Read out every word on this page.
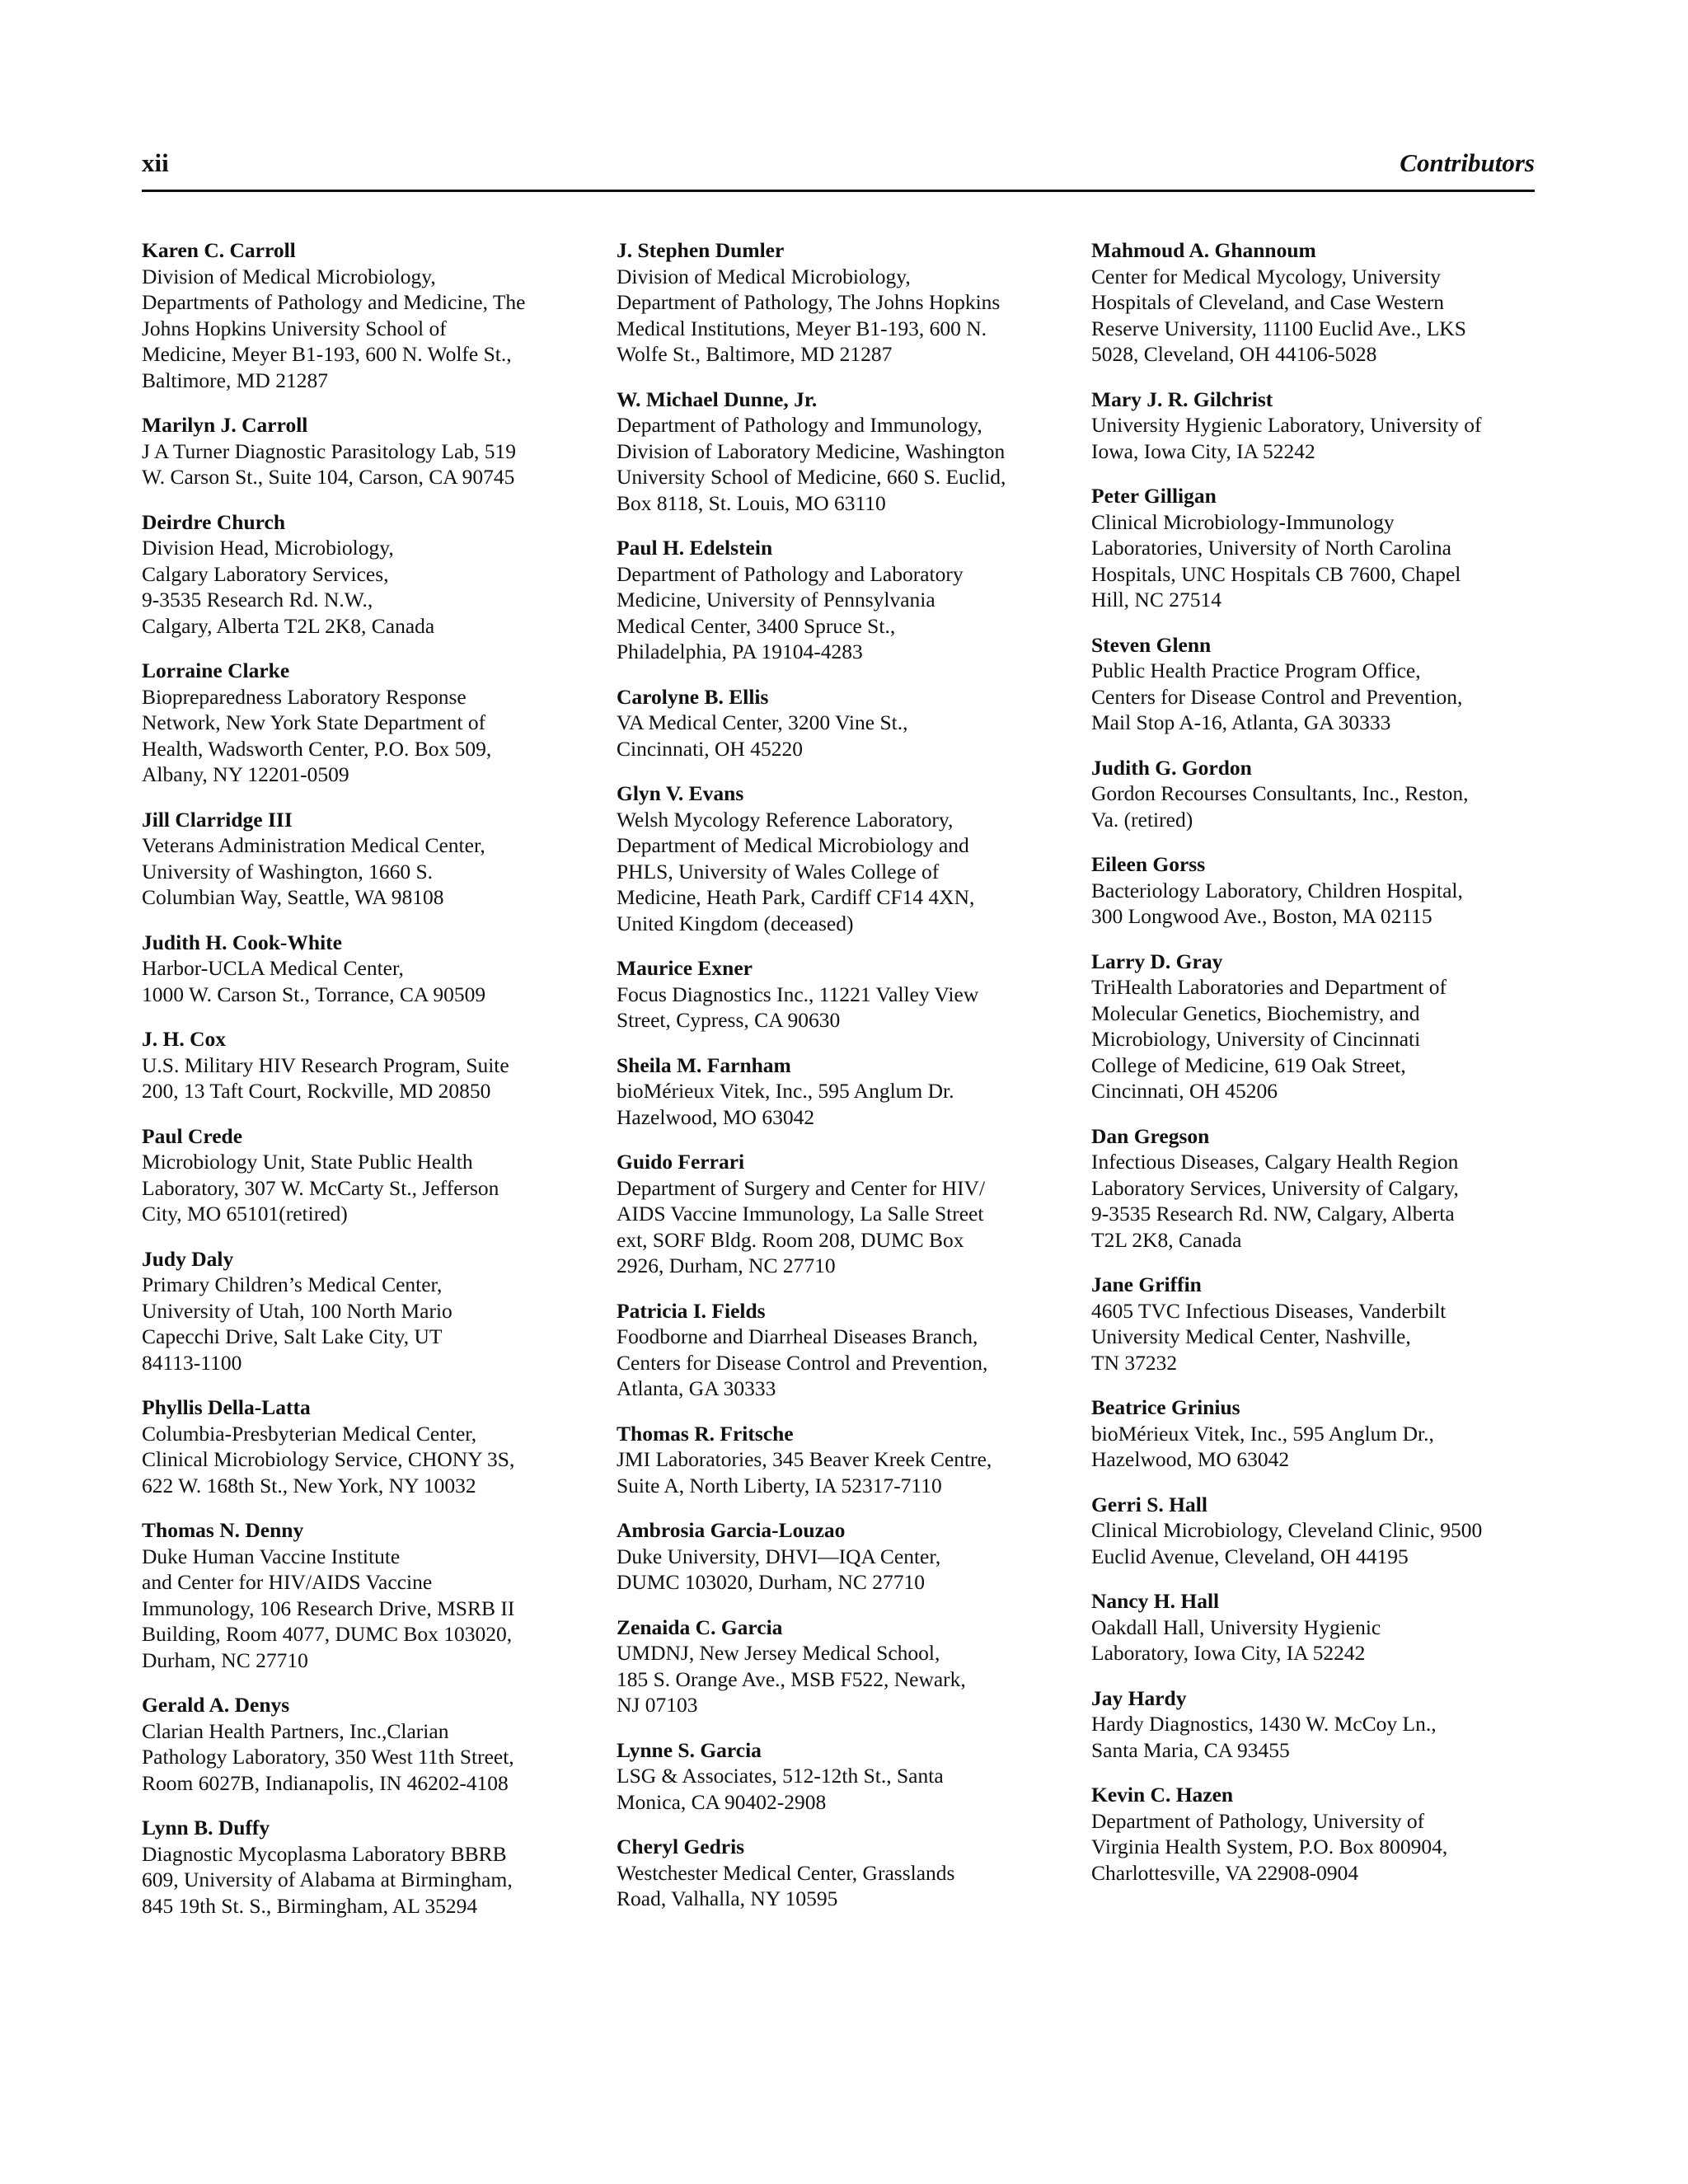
xii	Contributors
Karen C. Carroll
Division of Medical Microbiology,
Departments of Pathology and Medicine, The
Johns Hopkins University School of
Medicine, Meyer B1-193, 600 N. Wolfe St.,
Baltimore, MD 21287
Marilyn J. Carroll
J A Turner Diagnostic Parasitology Lab, 519
W. Carson St., Suite 104, Carson, CA 90745
Deirdre Church
Division Head, Microbiology,
Calgary Laboratory Services,
9-3535 Research Rd. N.W.,
Calgary, Alberta T2L 2K8, Canada
Lorraine Clarke
Biopreparedness Laboratory Response
Network, New York State Department of
Health, Wadsworth Center, P.O. Box 509,
Albany, NY 12201-0509
Jill Clarridge III
Veterans Administration Medical Center,
University of Washington, 1660 S.
Columbian Way, Seattle, WA 98108
Judith H. Cook-White
Harbor-UCLA Medical Center,
1000 W. Carson St., Torrance, CA 90509
J. H. Cox
U.S. Military HIV Research Program, Suite
200, 13 Taft Court, Rockville, MD 20850
Paul Crede
Microbiology Unit, State Public Health
Laboratory, 307 W. McCarty St., Jefferson
City, MO 65101(retired)
Judy Daly
Primary Children’s Medical Center,
University of Utah, 100 North Mario
Capecchi Drive, Salt Lake City, UT
84113-1100
Phyllis Della-Latta
Columbia-Presbyterian Medical Center,
Clinical Microbiology Service, CHONY 3S,
622 W. 168th St., New York, NY 10032
Thomas N. Denny
Duke Human Vaccine Institute
and Center for HIV/AIDS Vaccine
Immunology, 106 Research Drive, MSRB II
Building, Room 4077, DUMC Box 103020,
Durham, NC 27710
Gerald A. Denys
Clarian Health Partners, Inc.,Clarian
Pathology Laboratory, 350 West 11th Street,
Room 6027B, Indianapolis, IN 46202-4108
Lynn B. Duffy
Diagnostic Mycoplasma Laboratory BBRB
609, University of Alabama at Birmingham,
845 19th St. S., Birmingham, AL 35294
J. Stephen Dumler
Division of Medical Microbiology,
Department of Pathology, The Johns Hopkins
Medical Institutions, Meyer B1-193, 600 N.
Wolfe St., Baltimore, MD 21287
W. Michael Dunne, Jr.
Department of Pathology and Immunology,
Division of Laboratory Medicine, Washington
University School of Medicine, 660 S. Euclid,
Box 8118, St. Louis, MO 63110
Paul H. Edelstein
Department of Pathology and Laboratory
Medicine, University of Pennsylvania
Medical Center, 3400 Spruce St.,
Philadelphia, PA 19104-4283
Carolyne B. Ellis
VA Medical Center, 3200 Vine St.,
Cincinnati, OH 45220
Glyn V. Evans
Welsh Mycology Reference Laboratory,
Department of Medical Microbiology and
PHLS, University of Wales College of
Medicine, Heath Park, Cardiff CF14 4XN,
United Kingdom (deceased)
Maurice Exner
Focus Diagnostics Inc., 11221 Valley View
Street, Cypress, CA 90630
Sheila M. Farnham
bioMérieux Vitek, Inc., 595 Anglum Dr.
Hazelwood, MO 63042
Guido Ferrari
Department of Surgery and Center for HIV/
AIDS Vaccine Immunology, La Salle Street
ext, SORF Bldg. Room 208, DUMC Box
2926, Durham, NC 27710
Patricia I. Fields
Foodborne and Diarrheal Diseases Branch,
Centers for Disease Control and Prevention,
Atlanta, GA 30333
Thomas R. Fritsche
JMI Laboratories, 345 Beaver Kreek Centre,
Suite A, North Liberty, IA 52317-7110
Ambrosia Garcia-Louzao
Duke University, DHVI—IQA Center,
DUMC 103020, Durham, NC 27710
Zenaida C. Garcia
UMDNJ, New Jersey Medical School,
185 S. Orange Ave., MSB F522, Newark,
NJ 07103
Lynne S. Garcia
LSG & Associates, 512-12th St., Santa
Monica, CA 90402-2908
Cheryl Gedris
Westchester Medical Center, Grasslands
Road, Valhalla, NY 10595
Mahmoud A. Ghannoum
Center for Medical Mycology, University
Hospitals of Cleveland, and Case Western
Reserve University, 11100 Euclid Ave., LKS
5028, Cleveland, OH 44106-5028
Mary J. R. Gilchrist
University Hygienic Laboratory, University of
Iowa, Iowa City, IA 52242
Peter Gilligan
Clinical Microbiology-Immunology
Laboratories, University of North Carolina
Hospitals, UNC Hospitals CB 7600, Chapel
Hill, NC 27514
Steven Glenn
Public Health Practice Program Office,
Centers for Disease Control and Prevention,
Mail Stop A-16, Atlanta, GA 30333
Judith G. Gordon
Gordon Recourses Consultants, Inc., Reston,
Va. (retired)
Eileen Gorss
Bacteriology Laboratory, Children Hospital,
300 Longwood Ave., Boston, MA 02115
Larry D. Gray
TriHealth Laboratories and Department of
Molecular Genetics, Biochemistry, and
Microbiology, University of Cincinnati
College of Medicine, 619 Oak Street,
Cincinnati, OH 45206
Dan Gregson
Infectious Diseases, Calgary Health Region
Laboratory Services, University of Calgary,
9-3535 Research Rd. NW, Calgary, Alberta
T2L 2K8, Canada
Jane Griffin
4605 TVC Infectious Diseases, Vanderbilt
University Medical Center, Nashville,
TN 37232
Beatrice Grinius
bioMérieux Vitek, Inc., 595 Anglum Dr.,
Hazelwood, MO 63042
Gerri S. Hall
Clinical Microbiology, Cleveland Clinic, 9500
Euclid Avenue, Cleveland, OH 44195
Nancy H. Hall
Oakdall Hall, University Hygienic
Laboratory, Iowa City, IA 52242
Jay Hardy
Hardy Diagnostics, 1430 W. McCoy Ln.,
Santa Maria, CA 93455
Kevin C. Hazen
Department of Pathology, University of
Virginia Health System, P.O. Box 800904,
Charlottesville, VA 22908-0904
